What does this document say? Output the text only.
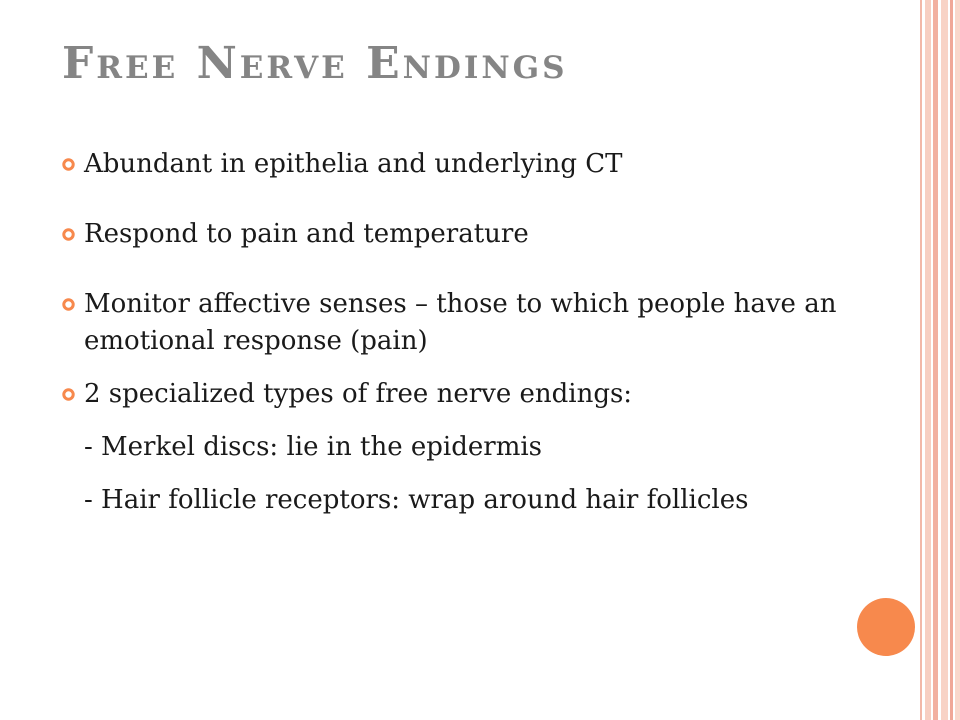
Free Nerve Endings
Abundant in epithelia and underlying CT
Respond to pain and temperature
Monitor affective senses – those to which people have an emotional response (pain)
2 specialized types of free nerve endings:
- Merkel discs: lie in the epidermis
- Hair follicle receptors: wrap around hair follicles
